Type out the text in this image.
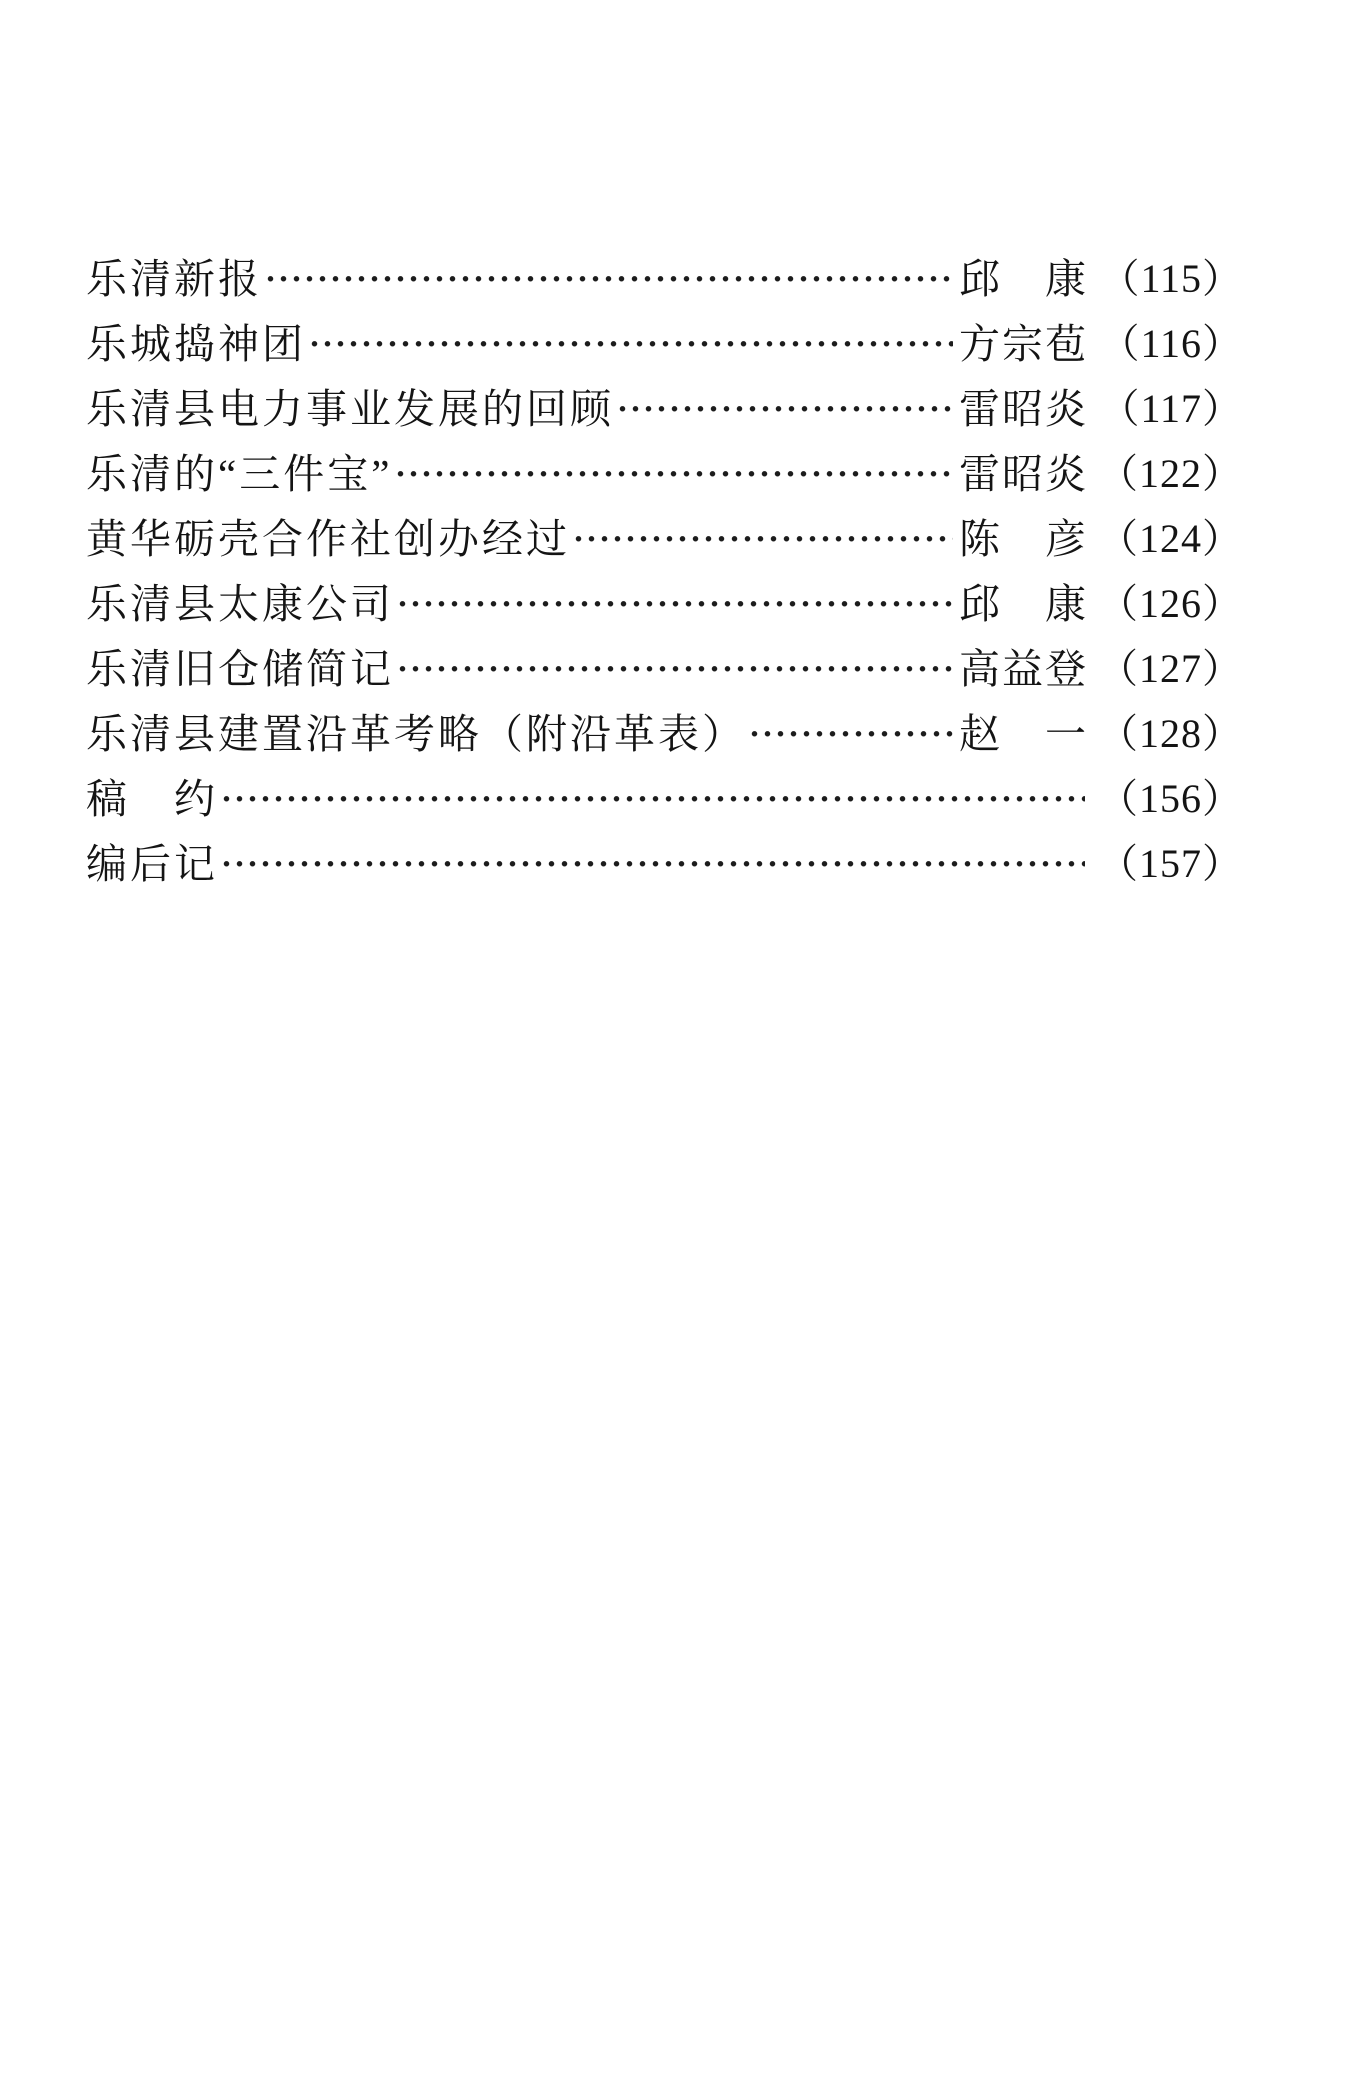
乐清新报	邱　康 （115）
乐城捣神团	方宗苞 （116）
乐清县电力事业发展的回顾	雷昭炎 （117）
乐清的“三件宝”	雷昭炎 （122）
黄华砺壳合作社创办经过	陈　彦 （124）
乐清县太康公司	邱　康 （126）
乐清旧仓储简记	高益登 （127）
乐清县建置沿革考略（附沿革表）	赵　一 （128）
稿　约	（156）
编后记	（157）
